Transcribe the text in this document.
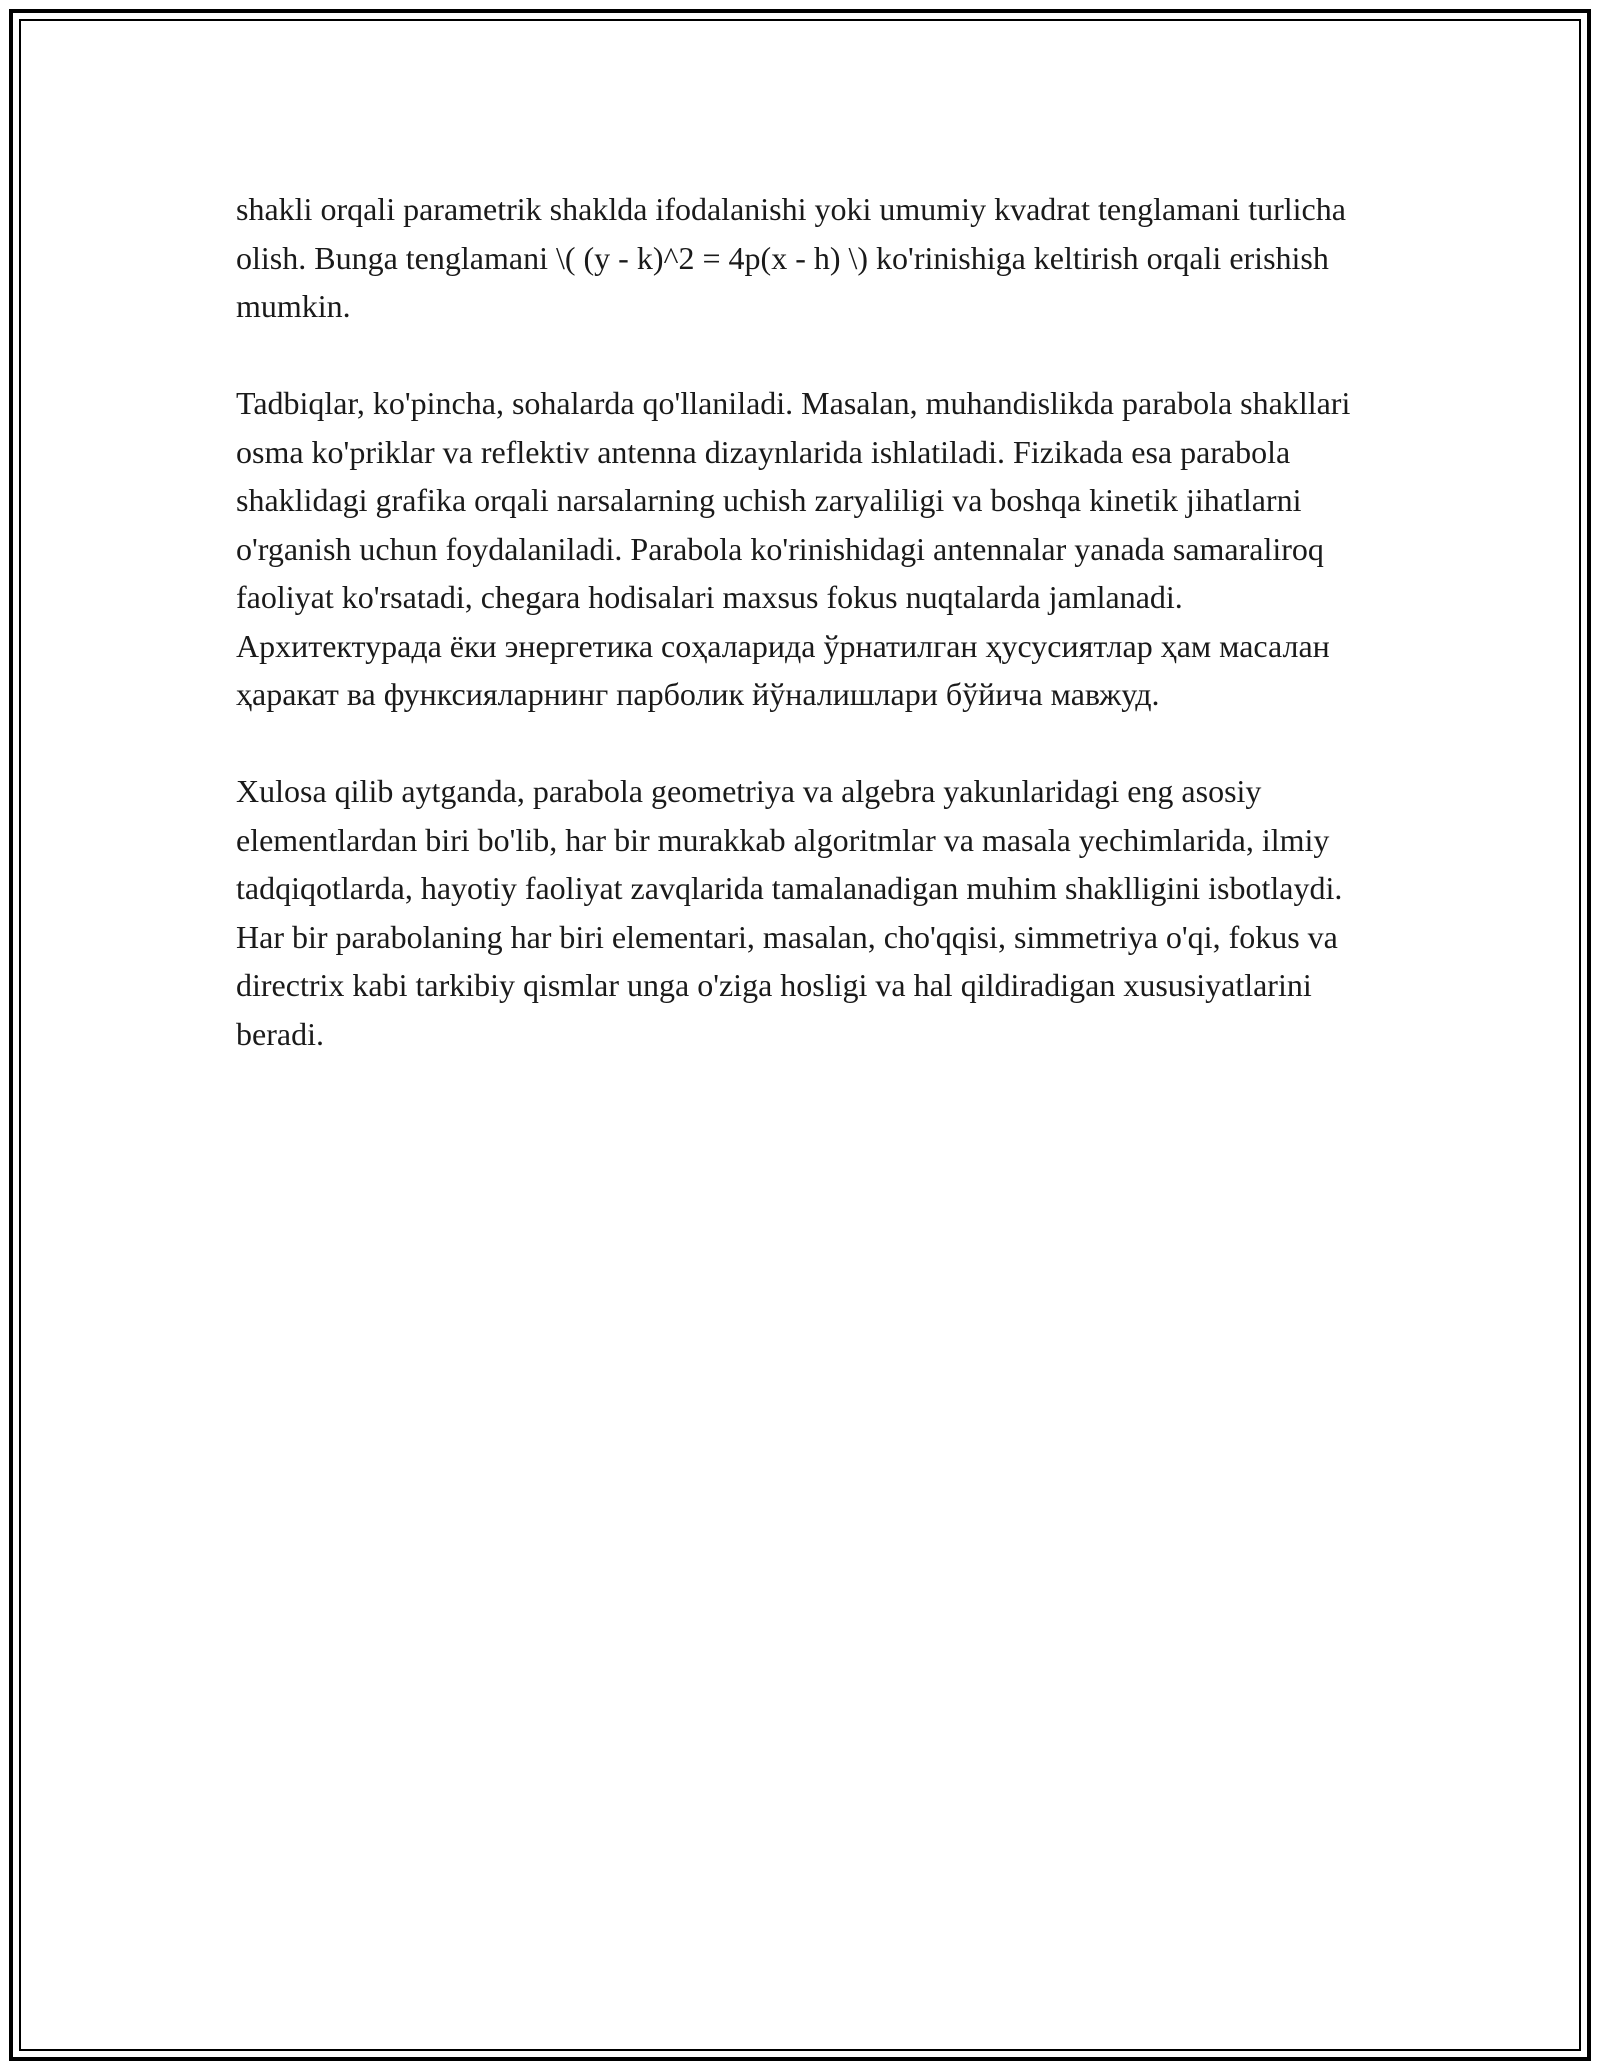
shakli orqali parametrik shaklda ifodalanishi yoki umumiy kvadrat tenglamani turlicha olish. Bunga tenglamani \( (y - k)^2 = 4p(x - h) \) ko'rinishiga keltirish orqali erishish mumkin.

Tadbiqlar, ko'pincha, sohalarda qo'llaniladi. Masalan, muhandislikda parabola shakllari osma ko'priklar va reflektiv antenna dizaynlarida ishlatiladi. Fizikada esa parabola shaklidagi grafika orqali narsalarning uchish zaryaliligi va boshqa kinetik jihatlarni o'rganish uchun foydalaniladi. Parabola ko'rinishidagi antennalar yanada samaraliroq faoliyat ko'rsatadi, chegara hodisalari maxsus fokus nuqtalarda jamlanadi. Архитектурада ёки энергетика соҳаларида ўрнатилган ҳусусиятлар ҳам масалан ҳаракат ва функсияларнинг парболик йўналишлари бўйича мавжуд.

Xulosa qilib aytganda, parabola geometriya va algebra yakunlaridagi eng asosiy elementlardan biri bo'lib, har bir murakkab algoritmlar va masala yechimlarida, ilmiy tadqiqotlarda, hayotiy faoliyat zavqlarida tamalanadigan muhim shaklligini isbotlaydi. Har bir parabolaning har biri elementari, masalan, cho'qqisi, simmetriya o'qi, fokus va directrix kabi tarkibiy qismlar unga o'ziga hosligi va hal qildiradigan xususiyatlarini beradi.
